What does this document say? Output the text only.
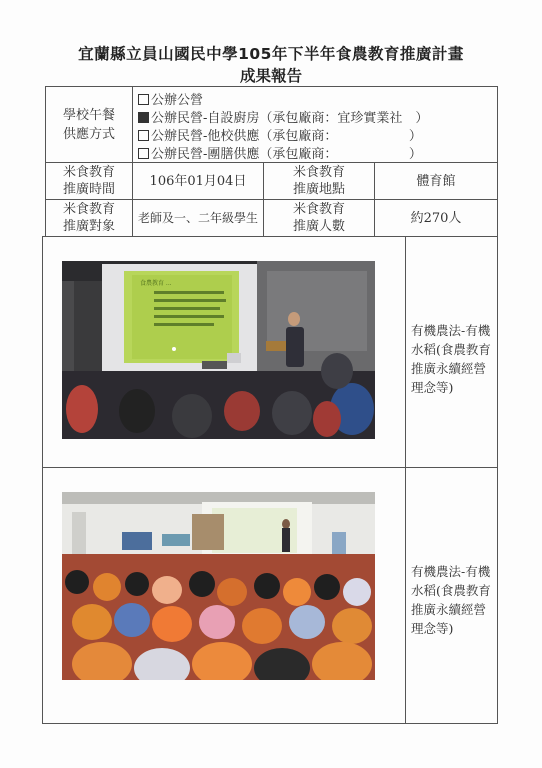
宜蘭縣立員山國民中學105年下半年食農教育推廣計畫
成果報告
學校午餐
供應方式
公辦公營
公辦民營-自設廚房（承包廠商：宜珍實業社　）
公辦民營-他校供應（承包廠商：　　　　　　）
公辦民營-團膳供應（承包廠商：　　　　　　）
米食教育
推廣時間
106年01月04日
米食教育
推廣地點
體育館
米食教育
推廣對象
老師及一、二年級學生
米食教育
推廣人數
約270人
食農教育 ...
有機農法-有機
水稻(食農教育
推廣永續經營
理念等)
有機農法-有機
水稻(食農教育
推廣永續經營
理念等)
